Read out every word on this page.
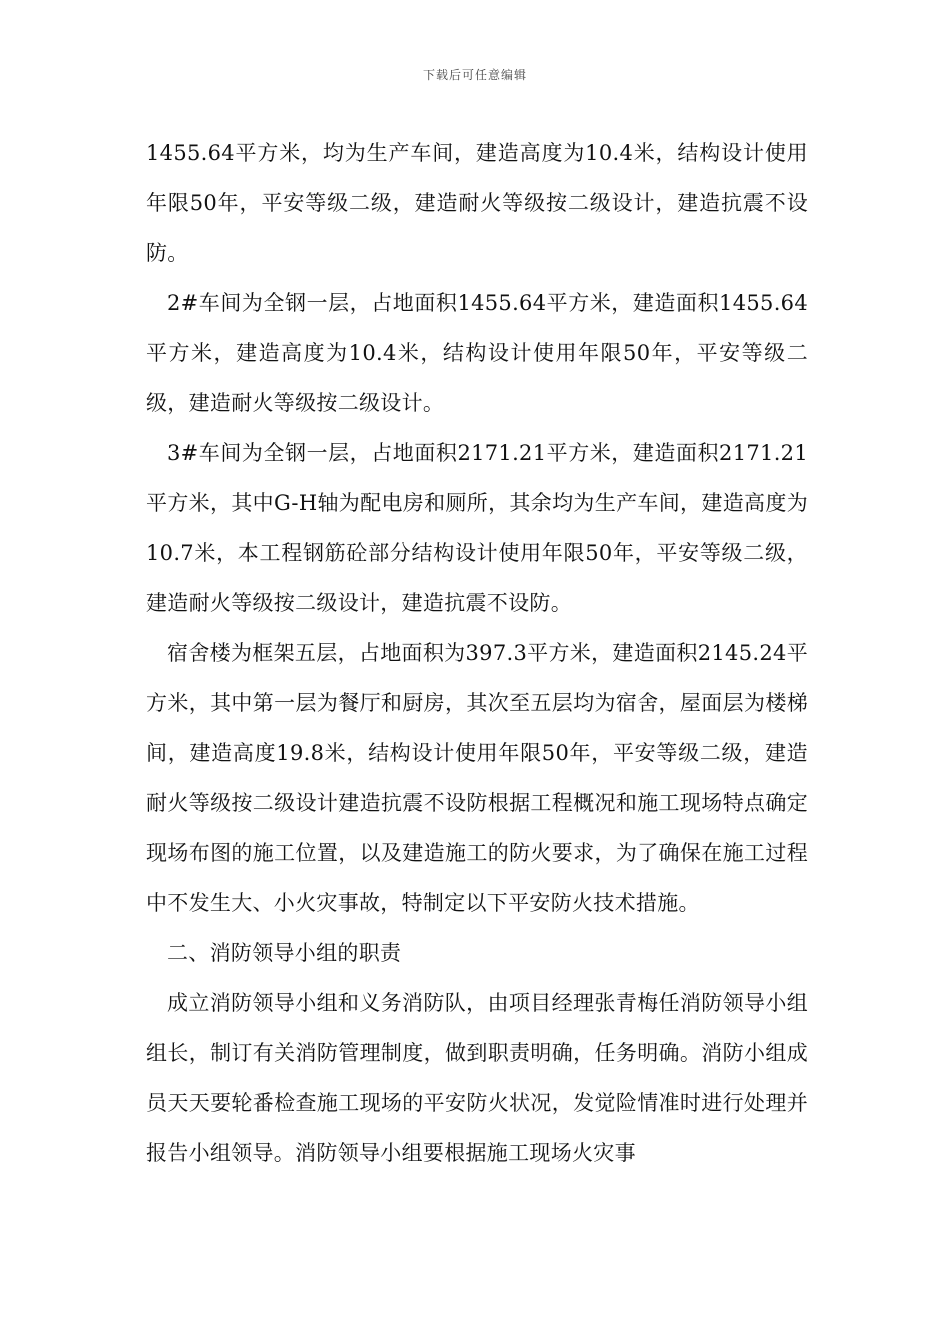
下载后可任意编辑

1455.64平方米，均为生产车间，建造高度为10.4米，结构设计使用年限50年，平安等级二级，建造耐火等级按二级设计，建造抗震不设防。

2#车间为全钢一层，占地面积1455.64平方米，建造面积1455.64平方米，建造高度为10.4米，结构设计使用年限50年，平安等级二级，建造耐火等级按二级设计。

3#车间为全钢一层，占地面积2171.21平方米，建造面积2171.21平方米，其中G-H轴为配电房和厕所，其余均为生产车间，建造高度为10.7米，本工程钢筋砼部分结构设计使用年限50年，平安等级二级，建造耐火等级按二级设计，建造抗震不设防。

宿舍楼为框架五层，占地面积为397.3平方米，建造面积2145.24平方米，其中第一层为餐厅和厨房，其次至五层均为宿舍，屋面层为楼梯间，建造高度19.8米，结构设计使用年限50年，平安等级二级，建造耐火等级按二级设计建造抗震不设防根据工程概况和施工现场特点确定现场布图的施工位置，以及建造施工的防火要求，为了确保在施工过程中不发生大、小火灾事故，特制定以下平安防火技术措施。

二、消防领导小组的职责

成立消防领导小组和义务消防队，由项目经理张青梅任消防领导小组组长，制订有关消防管理制度，做到职责明确，任务明确。消防小组成员天天要轮番检查施工现场的平安防火状况，发觉险情准时进行处理并报告小组领导。消防领导小组要根据施工现场火灾事
